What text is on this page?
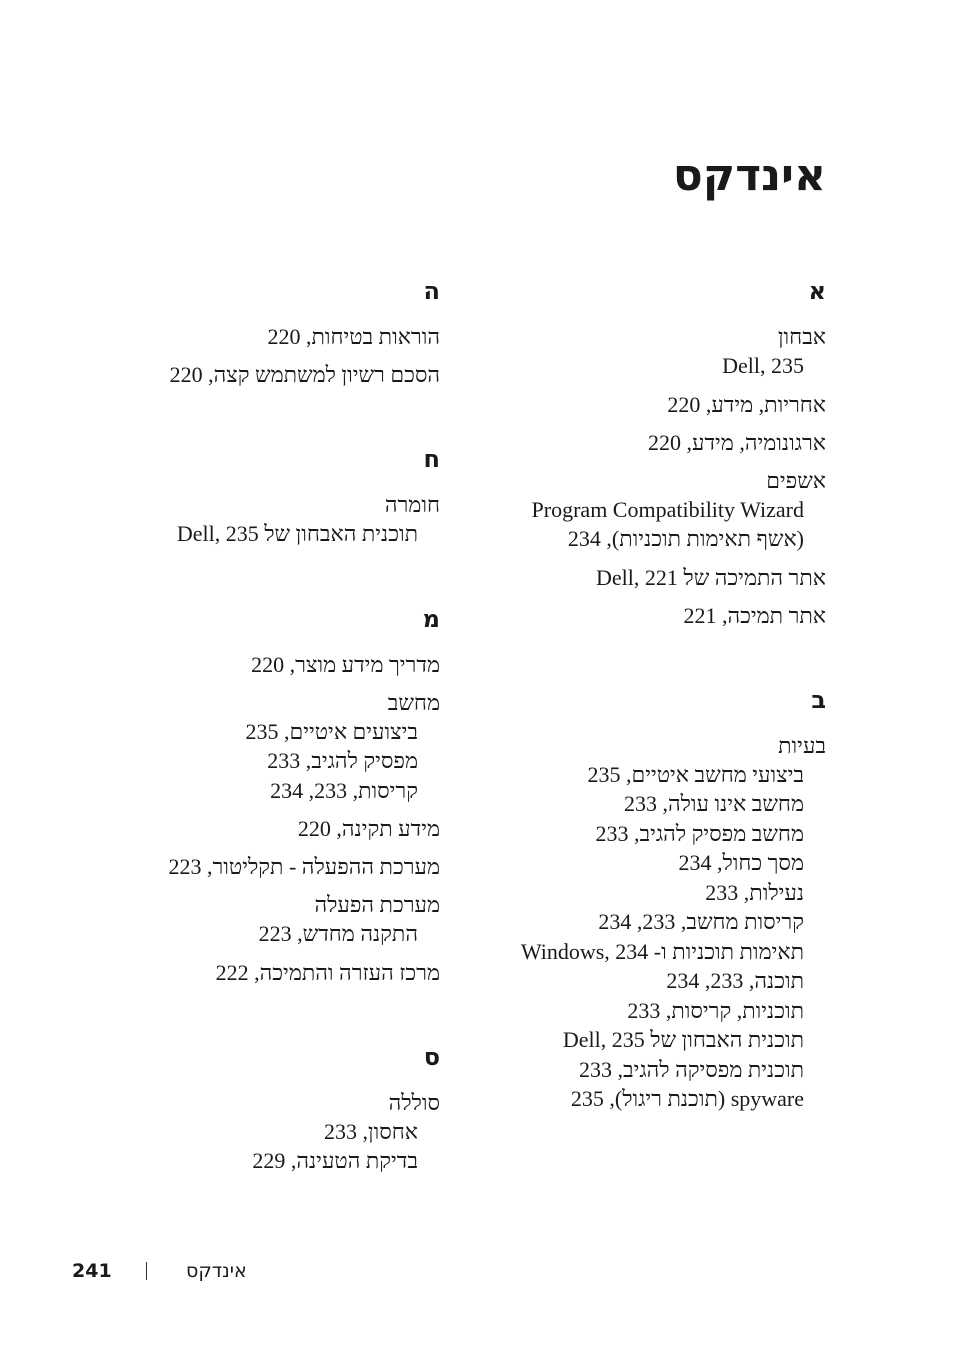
אינדקס
א
אבחון
Dell, 235
אחריות, מידע, 220
ארגונומיה, מידע, 220
אשפים
Program Compatibility Wizard
(אשף תאימות תוכניות), 234
אתר התמיכה של Dell, 221
אתר תמיכה, 221
ב
בעיות
ביצועי מחשב איטיים, 235
מחשב אינו עולה, 233
מחשב מפסיק להגיב, 233
מסך כחול, 234
נעילות, 233
קריסות מחשב, 233, 234
תאימות תוכניות ו- Windows, 234
תוכנה, 233, 234
תוכניות, קריסות, 233
תוכנית האבחון של Dell, 235
תוכנית מפסיקה להגיב, 233
spyware (תוכנת ריגול), 235
ה
הוראות בטיחות, 220
הסכם רשיון למשתמש קצה, 220
ח
חומרה
תוכנית האבחון של Dell, 235
מ
מדריך מידע מוצר, 220
מחשב
ביצועים איטיים, 235
מפסיק להגיב, 233
קריסות, 233, 234
מידע תקינה, 220
מערכת ההפעלה - תקליטור, 223
מערכת הפעלה
התקנה מחדש, 223
מרכז העזרה והתמיכה, 222
ס
סוללה
אחסון, 233
בדיקת הטעינה, 229
241	אינדקס
